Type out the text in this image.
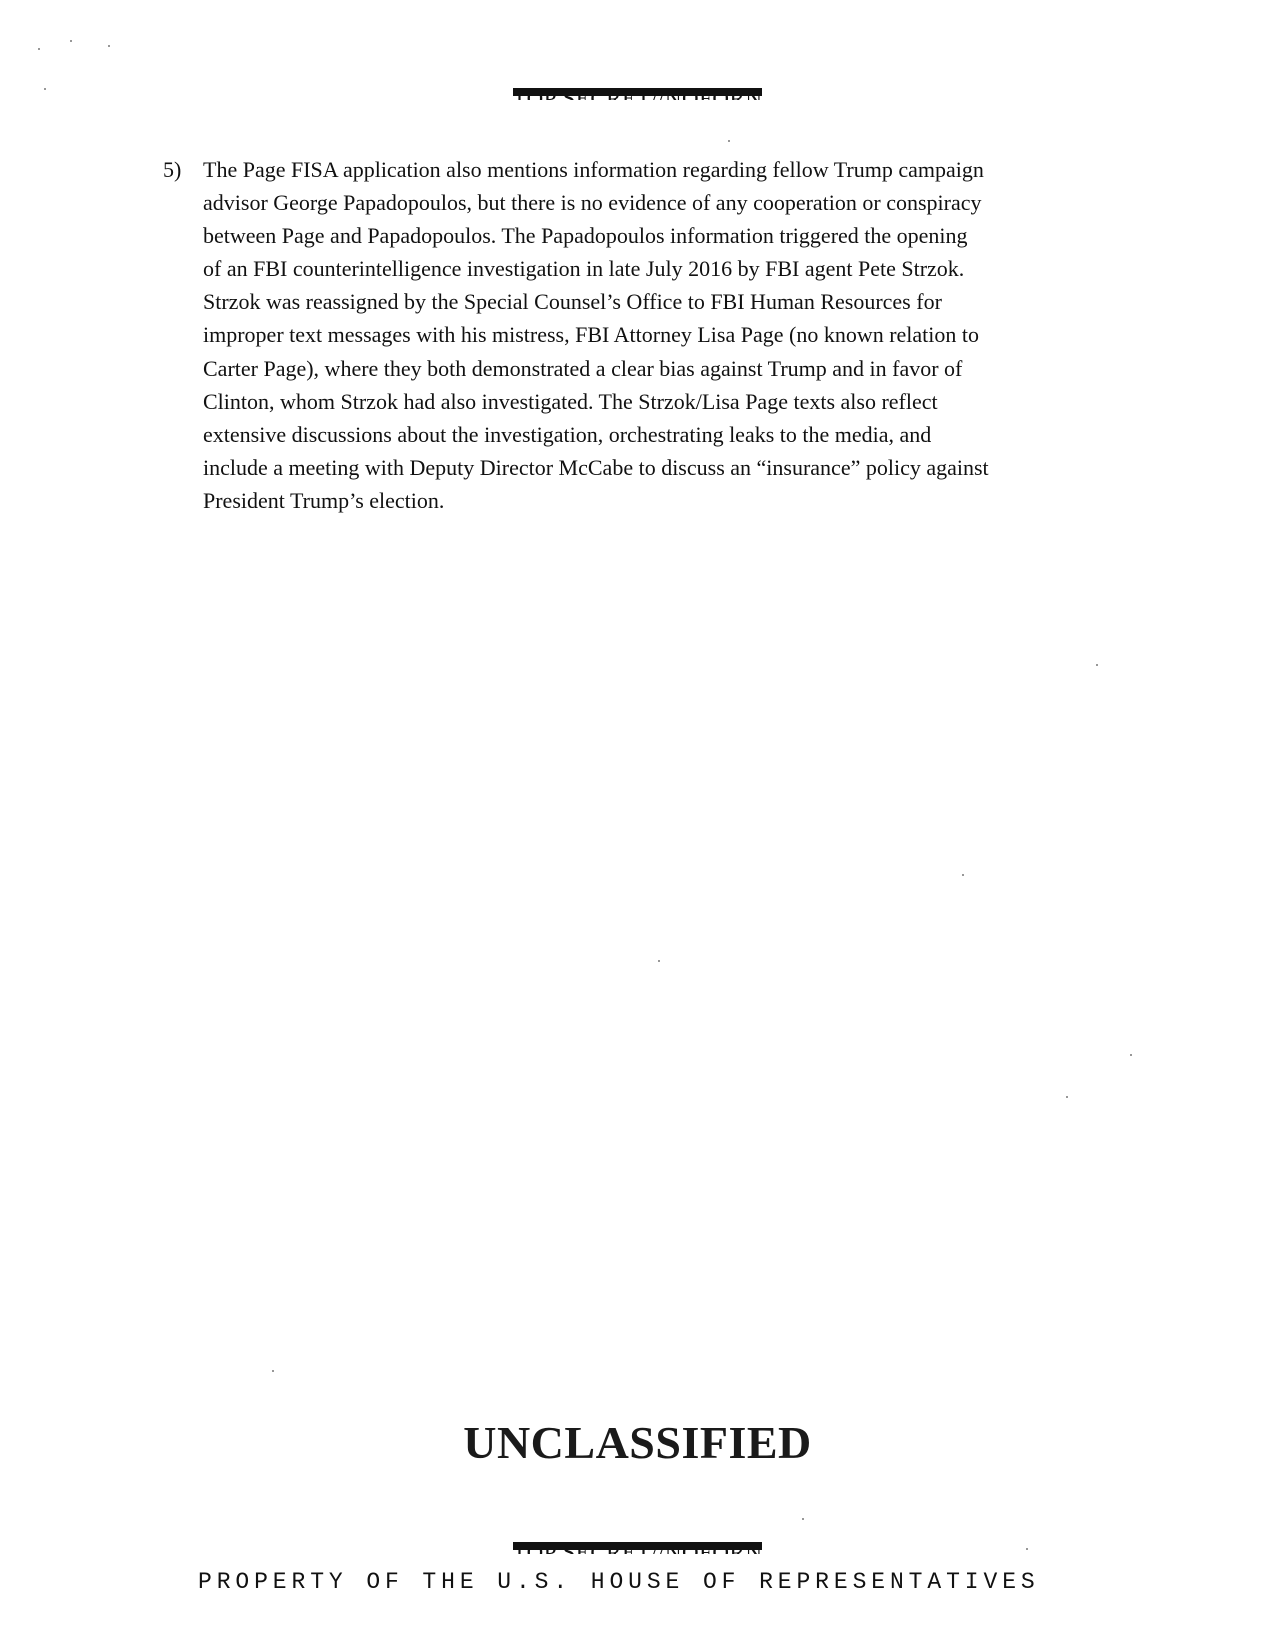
5) The Page FISA application also mentions information regarding fellow Trump campaign
advisor George Papadopoulos, but there is no evidence of any cooperation or conspiracy
between Page and Papadopoulos. The Papadopoulos information triggered the opening
of an FBI counterintelligence investigation in late July 2016 by FBI agent Pete Strzok.
Strzok was reassigned by the Special Counsel’s Office to FBI Human Resources for
improper text messages with his mistress, FBI Attorney Lisa Page (no known relation to
Carter Page), where they both demonstrated a clear bias against Trump and in favor of
Clinton, whom Strzok had also investigated. The Strzok/Lisa Page texts also reflect
extensive discussions about the investigation, orchestrating leaks to the media, and
include a meeting with Deputy Director McCabe to discuss an “insurance” policy against
President Trump’s election.

UNCLASSIFIED
PROPERTY OF THE U.S. HOUSE OF REPRESENTATIVES
